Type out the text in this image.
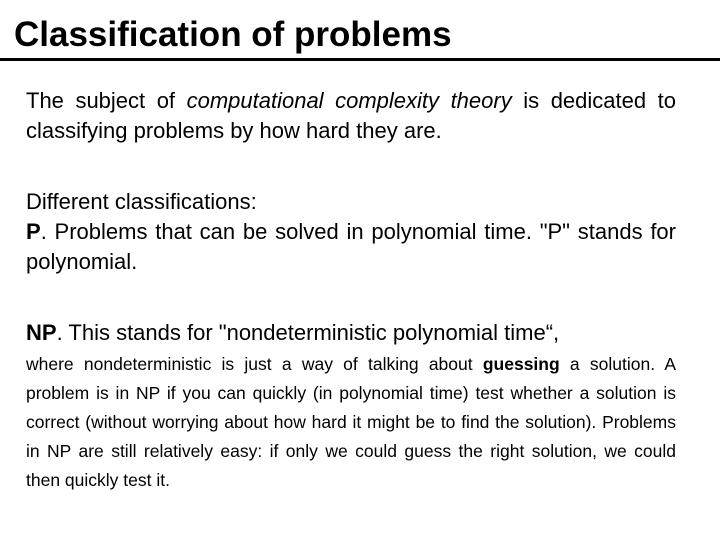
Classification of problems

The subject of computational complexity theory is dedicated to classifying problems by how hard they are.

Different classifications:
P. Problems that can be solved in polynomial time. "P" stands for polynomial.

NP. This stands for "nondeterministic polynomial time“,

where nondeterministic is just a way of talking about guessing a solution. A problem is in NP if you can quickly (in polynomial time) test whether a solution is correct (without worrying about how hard it might be to find the solution). Problems in NP are still relatively easy: if only we could guess the right solution, we could then quickly test it.
